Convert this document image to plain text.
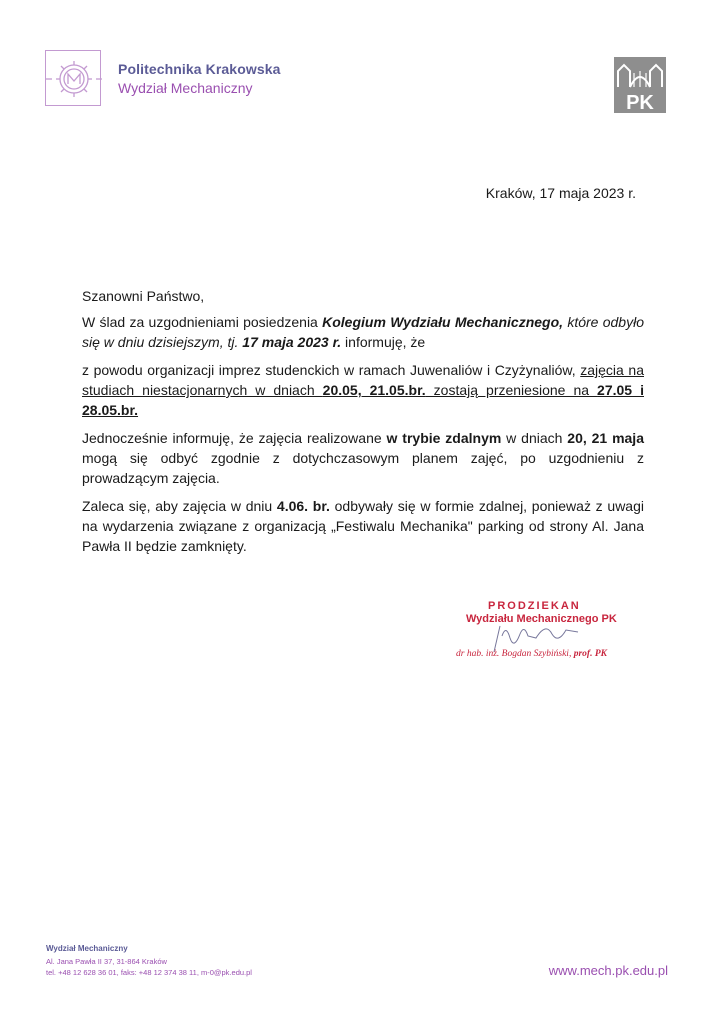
Politechnika Krakowska
Wydział Mechaniczny
PK
Kraków, 17 maja 2023 r.
Szanowni Państwo,
W ślad za uzgodnieniami posiedzenia Kolegium Wydziału Mechanicznego, które odbyło się w dniu dzisiejszym, tj. 17 maja 2023 r. informuję, że
z powodu organizacji imprez studenckich w ramach Juwenaliów i Czyżynaliów, zajęcia na studiach niestacjonarnych w dniach 20.05, 21.05.br. zostają przeniesione na 27.05 i 28.05.br.
Jednocześnie informuję, że zajęcia realizowane w trybie zdalnym w dniach 20, 21 maja mogą się odbyć zgodnie z dotychczasowym planem zajęć, po uzgodnieniu z prowadzącym zajęcia.
Zaleca się, aby zajęcia w dniu 4.06. br. odbywały się w formie zdalnej, ponieważ z uwagi na wydarzenia związane z organizacją „Festiwalu Mechanika" parking od strony Al. Jana Pawła II będzie zamknięty.
PRODZIEKAN
Wydziału Mechanicznego PK
dr hab. inż. Bogdan Szybiński, prof. PK
Wydział Mechaniczny
Al. Jana Pawła II 37, 31-864 Kraków
tel. +48 12 628 36 01, faks: +48 12 374 38 11, m-0@pk.edu.pl	www.mech.pk.edu.pl
